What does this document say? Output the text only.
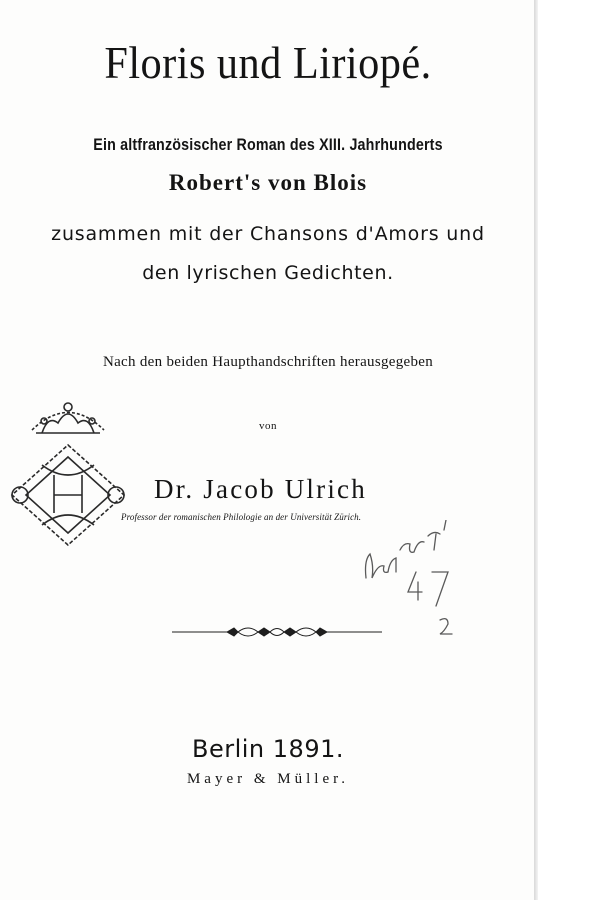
Floris und Liriopé.
Ein altfranzösischer Roman des XIII. Jahrhunderts
Robert's von Blois
zusammen mit der Chansons d'Amors und
den lyrischen Gedichten.
Nach den beiden Haupthandschriften herausgegeben
von
Dr. Jacob Ulrich
Professor der romanischen Philologie an der Universität Zürich.
Berlin 1891.
Mayer & Müller.
